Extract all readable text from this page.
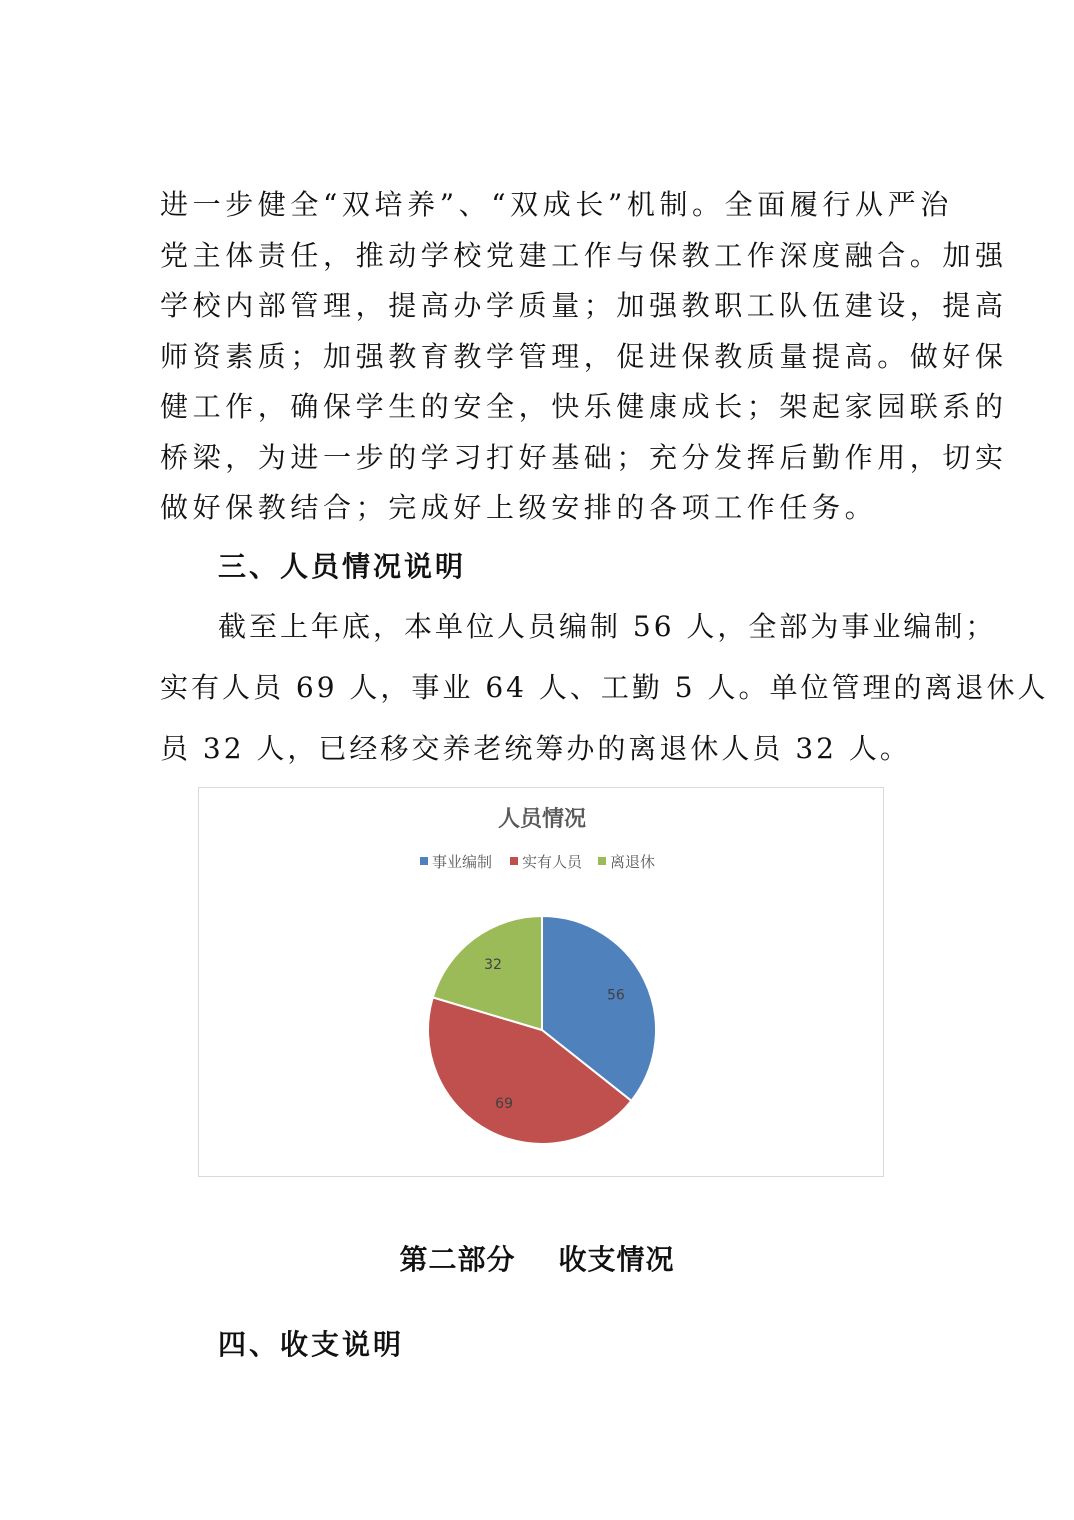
进一步健全“双培养”、“双成长”机制。全面履行从严治
党主体责任，推动学校党建工作与保教工作深度融合。加强
学校内部管理，提高办学质量；加强教职工队伍建设，提高
师资素质；加强教育教学管理，促进保教质量提高。做好保
健工作，确保学生的安全，快乐健康成长；架起家园联系的
桥梁，为进一步的学习打好基础；充分发挥后勤作用，切实
做好保教结合；完成好上级安排的各项工作任务。
三、人员情况说明
截至上年底，本单位人员编制 56 人，全部为事业编制；
实有人员 69 人，事业 64 人、工勤 5 人。单位管理的离退休人
员 32 人，已经移交养老统筹办的离退休人员 32 人。
人员情况
事业编制 实有人员 离退休
56
69
32
第二部分    收支情况
四、收支说明
